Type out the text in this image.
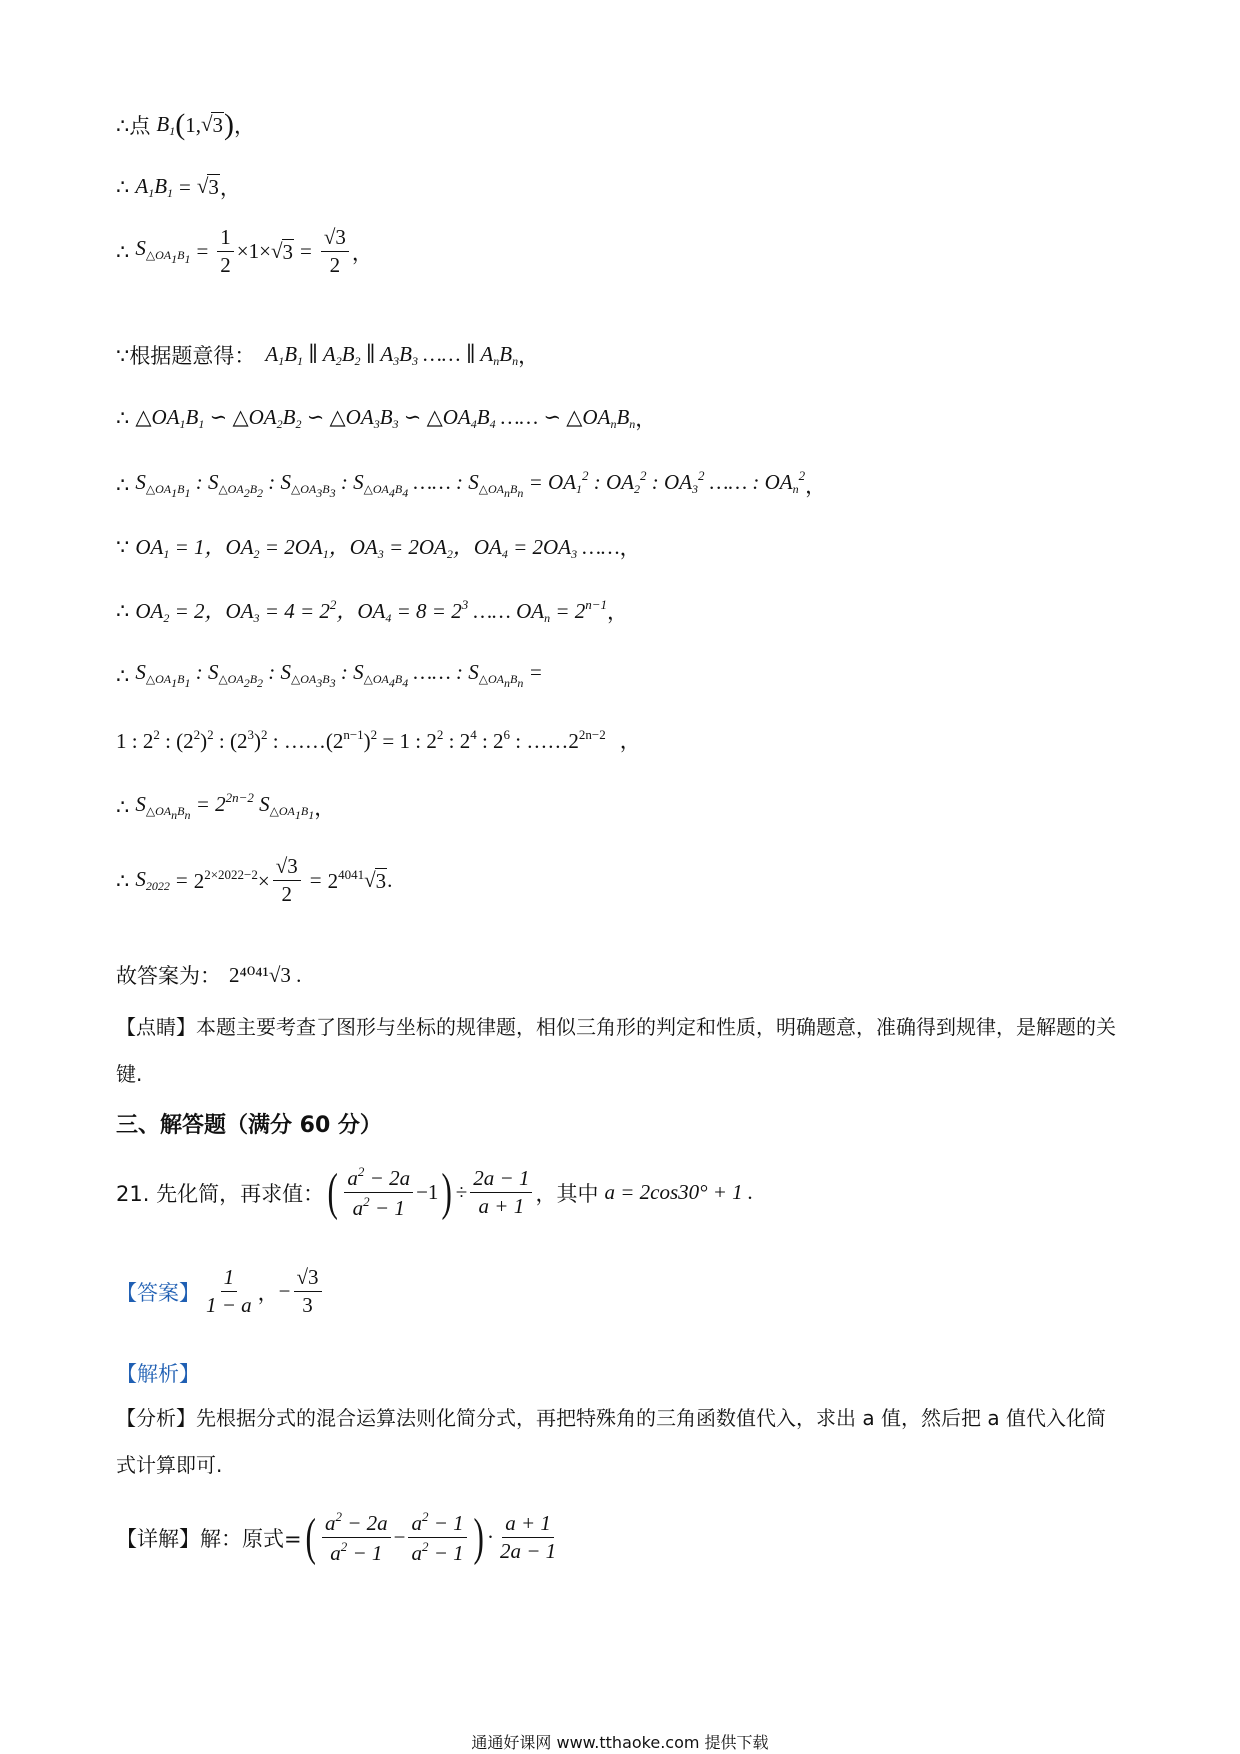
∴点 $B_1$ ( 1, √ 3 ) ，
∴ $A_1B_1$ = √ 3 ，
∴ $S_{\triangle OA_1B_1} = \frac{1}{2} \times 1\times$ √ $3 = \frac{√3}{2}$ ，
∵根据题意得： $A_1B_1$ ∥ $A_2B_2$ ∥ $A_3B_3$ …… ∥ $A_nB_n$ ，
∴ $\triangle OA_1B_1$ ∽ $\triangle OA_2B_2$ ∽ $\triangle OA_3B_3$ ∽ $\triangle OA_4B_4$ …… ∽ $\triangle OA_nB_n$ ，
∴ $S_{\triangle OA_1B_1}$ : $S_{\triangle OA_2B_2}$ : $S_{\triangle OA_3B_3}$ : $S_{\triangle OA_4B_4}$ …… : $S_{\triangle OA_nB_n} = OA_1^2$ : $OA_2^2$ : $OA_3^2$ …… : $OA_n^2$ ，
∵ $OA_1 = 1$，$OA_2 = 2OA_1$，$OA_3 = 2OA_2$，$OA_4 = 2OA_3$ …… ，
∴ $OA_2 = 2$，$OA_3 = 4 = 2^2$，$OA_4 = 8 = 2^3$ …… $OA_n = 2^{n-1}$ ，
∴ $S_{\triangle OA_1B_1}$ : $S_{\triangle OA_2B_2}$ : $S_{\triangle OA_3B_3}$ : $S_{\triangle OA_4B_4}$ …… : $S_{\triangle OA_nB_n}$ =
1 : $2^2$ : $(2^2)^2$ : $(2^3)^2$ : $\dots\dots(2^{n-1})^2 = 1$ : $2^2$ : $2^4$ : $2^6$ : $\dots\dots 2^{2n-2}$ ，
∴ $S_{\triangle OA_nB_n} = 2^{2n-2}$ $S_{\triangle OA_1B_1}$ ，
∴ $S_{2022} = 2^{2\times 2022-2}\times \frac{√3}{2} = 2^{4041}$ √ 3 .
故答案为： 2⁴⁰⁴¹√3 .
【点睛】本题主要考查了图形与坐标的规律题，相似三角形的判定和性质，明确题意，准确得到规律，是解题的关键.
三、解答题（满分 60 分）
21. 先化简，再求值： ( $\frac{a^2 - 2a}{a^2 - 1} -1$ ) ÷ $\frac{2a - 1}{a + 1}$ ，其中 a = 2cos30° + 1 .
【答案】 $\frac{1}{1 - a}$ ， − $\frac{√3}{3}$
【解析】
【分析】先根据分式的混合运算法则化简分式，再把特殊角的三角函数值代入，求出 a 值，然后把 a 值代入化简式计算即可.
【详解】 解：原式= ( $\frac{a^2 - 2a}{a^2 - 1} - \frac{a^2 - 1}{a^2 - 1}$ ) · $\frac{a + 1}{2a - 1}$
通通好课网 www.tthaoke.com 提供下载
